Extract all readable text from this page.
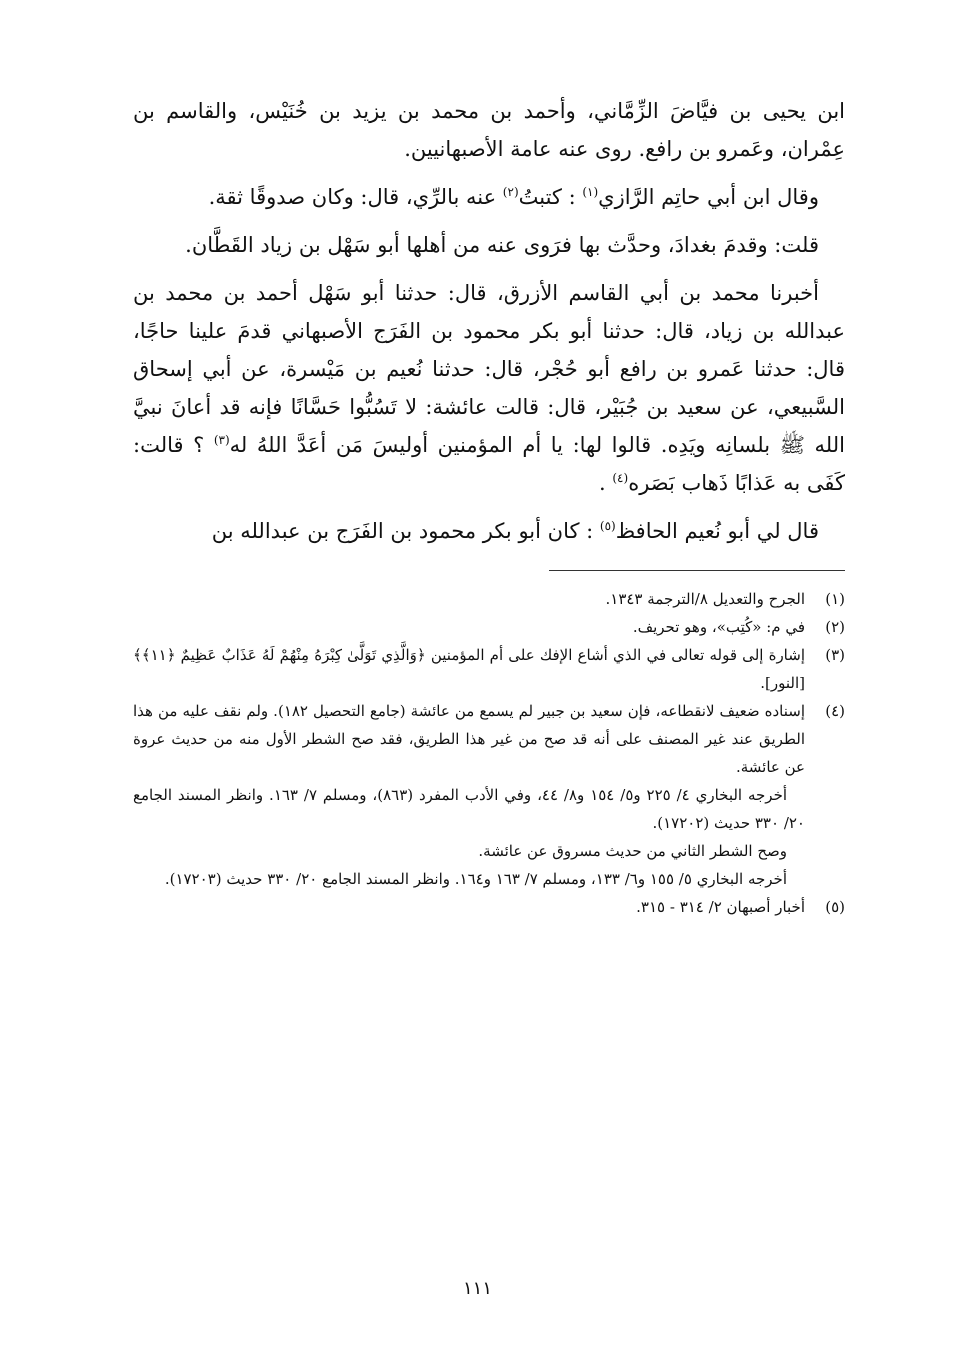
ابن يحيى بن فيَّاضَ الزِّمَّاني، وأحمد بن محمد بن يزيد بن خُنَيْس، والقاسم بن عِمْران، وعَمرو بن رافع. روى عنه عامة الأصبهانيين.

وقال ابن أبي حاتِم الرَّازي$^{(١)}$ : كتبتُ$^{(٢)}$ عنه بالرِّي، قال: وكان صدوقًا ثقة.

قلت: وقدمَ بغدادَ، وحدَّث بها فرَوى عنه من أهلها أبو سَهْل بن زياد القَطَّان.

أخبرنا محمد بن أبي القاسم الأزرق، قال: حدثنا أبو سَهْل أحمد بن محمد بن عبدالله بن زياد، قال: حدثنا أبو بكر محمود بن الفَرَج الأصبهاني قدمَ علينا حاجًا، قال: حدثنا عَمرو بن رافع أبو حُجْر، قال: حدثنا نُعيم بن مَيْسرة، عن أبي إسحاق السَّبيعي، عن سعيد بن جُبَيْر، قال: قالت عائشة: لا تَسُبُّوا حَسَّانًا فإنه قد أعانَ نبيَّ الله ﷺ بلسانِه ويَدِه. قالوا لها: يا أم المؤمنين أوليسَ مَن أعَدَّ اللهُ له$^{(٣)}$ ؟ قالت: كَفَى به عَذابًا ذَهاب بَصَره$^{(٤)}$ .

قال لي أبو نُعيم الحافظ$^{(٥)}$ : كان أبو بكر محمود بن الفَرَج بن عبدالله بن

(١)
الجرح والتعديل ٨/الترجمة ١٣٤٣.
(٢)
في م: «كُتِب»، وهو تحريف.
(٣)
إشارة إلى قوله تعالى في الذي أشاع الإفك على أم المؤمنين ﴿وَالَّذِي تَوَلَّىٰ كِبْرَهُ مِنْهُمْ لَهُ عَذَابٌ عَظِيمٌ ﴿١١﴾﴾ [النور].
(٤)
إسناده ضعيف لانقطاعه، فإن سعيد بن جبير لم يسمع من عائشة (جامع التحصيل ١٨٢). ولم نقف عليه من هذا الطريق عند غير المصنف على أنه قد صح من غير هذا الطريق، فقد صح الشطر الأول منه من حديث عروة عن عائشة.
أخرجه البخاري ٤/ ٢٢٥ و٥/ ١٥٤ و٨/ ٤٤، وفي الأدب المفرد (٨٦٣)، ومسلم ٧/ ١٦٣. وانظر المسند الجامع ٢٠/ ٣٣٠ حديث (١٧٢٠٢).
وصح الشطر الثاني من حديث مسروق عن عائشة.
أخرجه البخاري ٥/ ١٥٥ و٦/ ١٣٣، ومسلم ٧/ ١٦٣ و١٦٤. وانظر المسند الجامع ٢٠/ ٣٣٠ حديث (١٧٢٠٣).
(٥)
أخبار أصبهان ٢/ ٣١٤ - ٣١٥.
١١١
